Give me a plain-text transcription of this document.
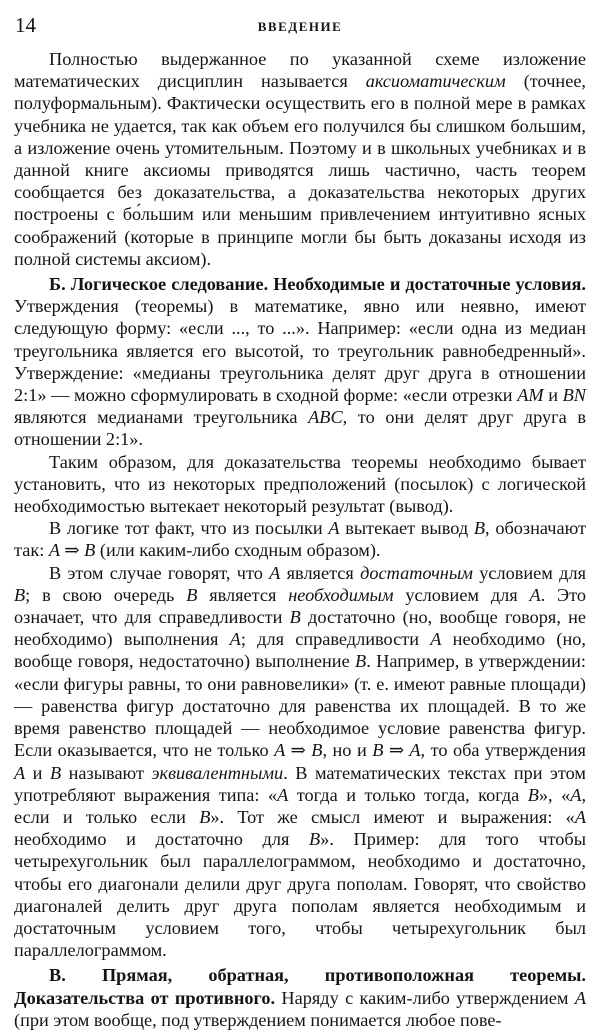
14	ВВЕДЕНИЕ

Полностью выдержанное по указанной схеме изложение математических дисциплин называется аксиоматическим (точнее, полуформальным). Фактически осуществить его в полной мере в рамках учебника не удается, так как объем его получился бы слишком большим, а изложение очень утомительным. Поэтому и в школьных учебниках и в данной книге аксиомы приводятся лишь частично, часть теорем сообщается без доказательства, а доказательства некоторых других построены с бо́льшим или меньшим привлечением интуитивно ясных соображений (которые в принципе могли бы быть доказаны исходя из полной системы аксиом).

Б. Логическое следование. Необходимые и достаточные условия. Утверждения (теоремы) в математике, явно или неявно, имеют следующую форму: «если ..., то ...». Например: «если одна из медиан треугольника является его высотой, то треугольник равнобедренный». Утверждение: «медианы треугольника делят друг друга в отношении 2:1» — можно сформулировать в сходной форме: «если отрезки AM и BN являются медианами треугольника ABC, то они делят друг друга в отношении 2:1».

Таким образом, для доказательства теоремы необходимо бывает установить, что из некоторых предположений (посылок) с логической необходимостью вытекает некоторый результат (вывод).

В логике тот факт, что из посылки A вытекает вывод B, обозначают так: A ⇒ B (или каким-либо сходным образом).

В этом случае говорят, что A является достаточным условием для B; в свою очередь B является необходимым условием для A. Это означает, что для справедливости B достаточно (но, вообще говоря, не необходимо) выполнения A; для справедливости A необходимо (но, вообще говоря, недостаточно) выполнение B. Например, в утверждении: «если фигуры равны, то они равновелики» (т. е. имеют равные площади) — равенства фигур достаточно для равенства их площадей. В то же время равенство площадей — необходимое условие равенства фигур. Если оказывается, что не только A ⇒ B, но и B ⇒ A, то оба утверждения A и B называют эквивалентными. В математических текстах при этом употребляют выражения типа: «A тогда и только тогда, когда B», «A, если и только если B». Тот же смысл имеют и выражения: «A необходимо и достаточно для B». Пример: для того чтобы четырехугольник был параллелограммом, необходимо и достаточно, чтобы его диагонали делили друг друга пополам. Говорят, что свойство диагоналей делить друг друга пополам является необходимым и достаточным условием того, чтобы четырехугольник был параллелограммом.

В. Прямая, обратная, противоположная теоремы. Доказательства от противного. Наряду с каким-либо утверждением A (при этом вообще, под утверждением понимается любое пове-
